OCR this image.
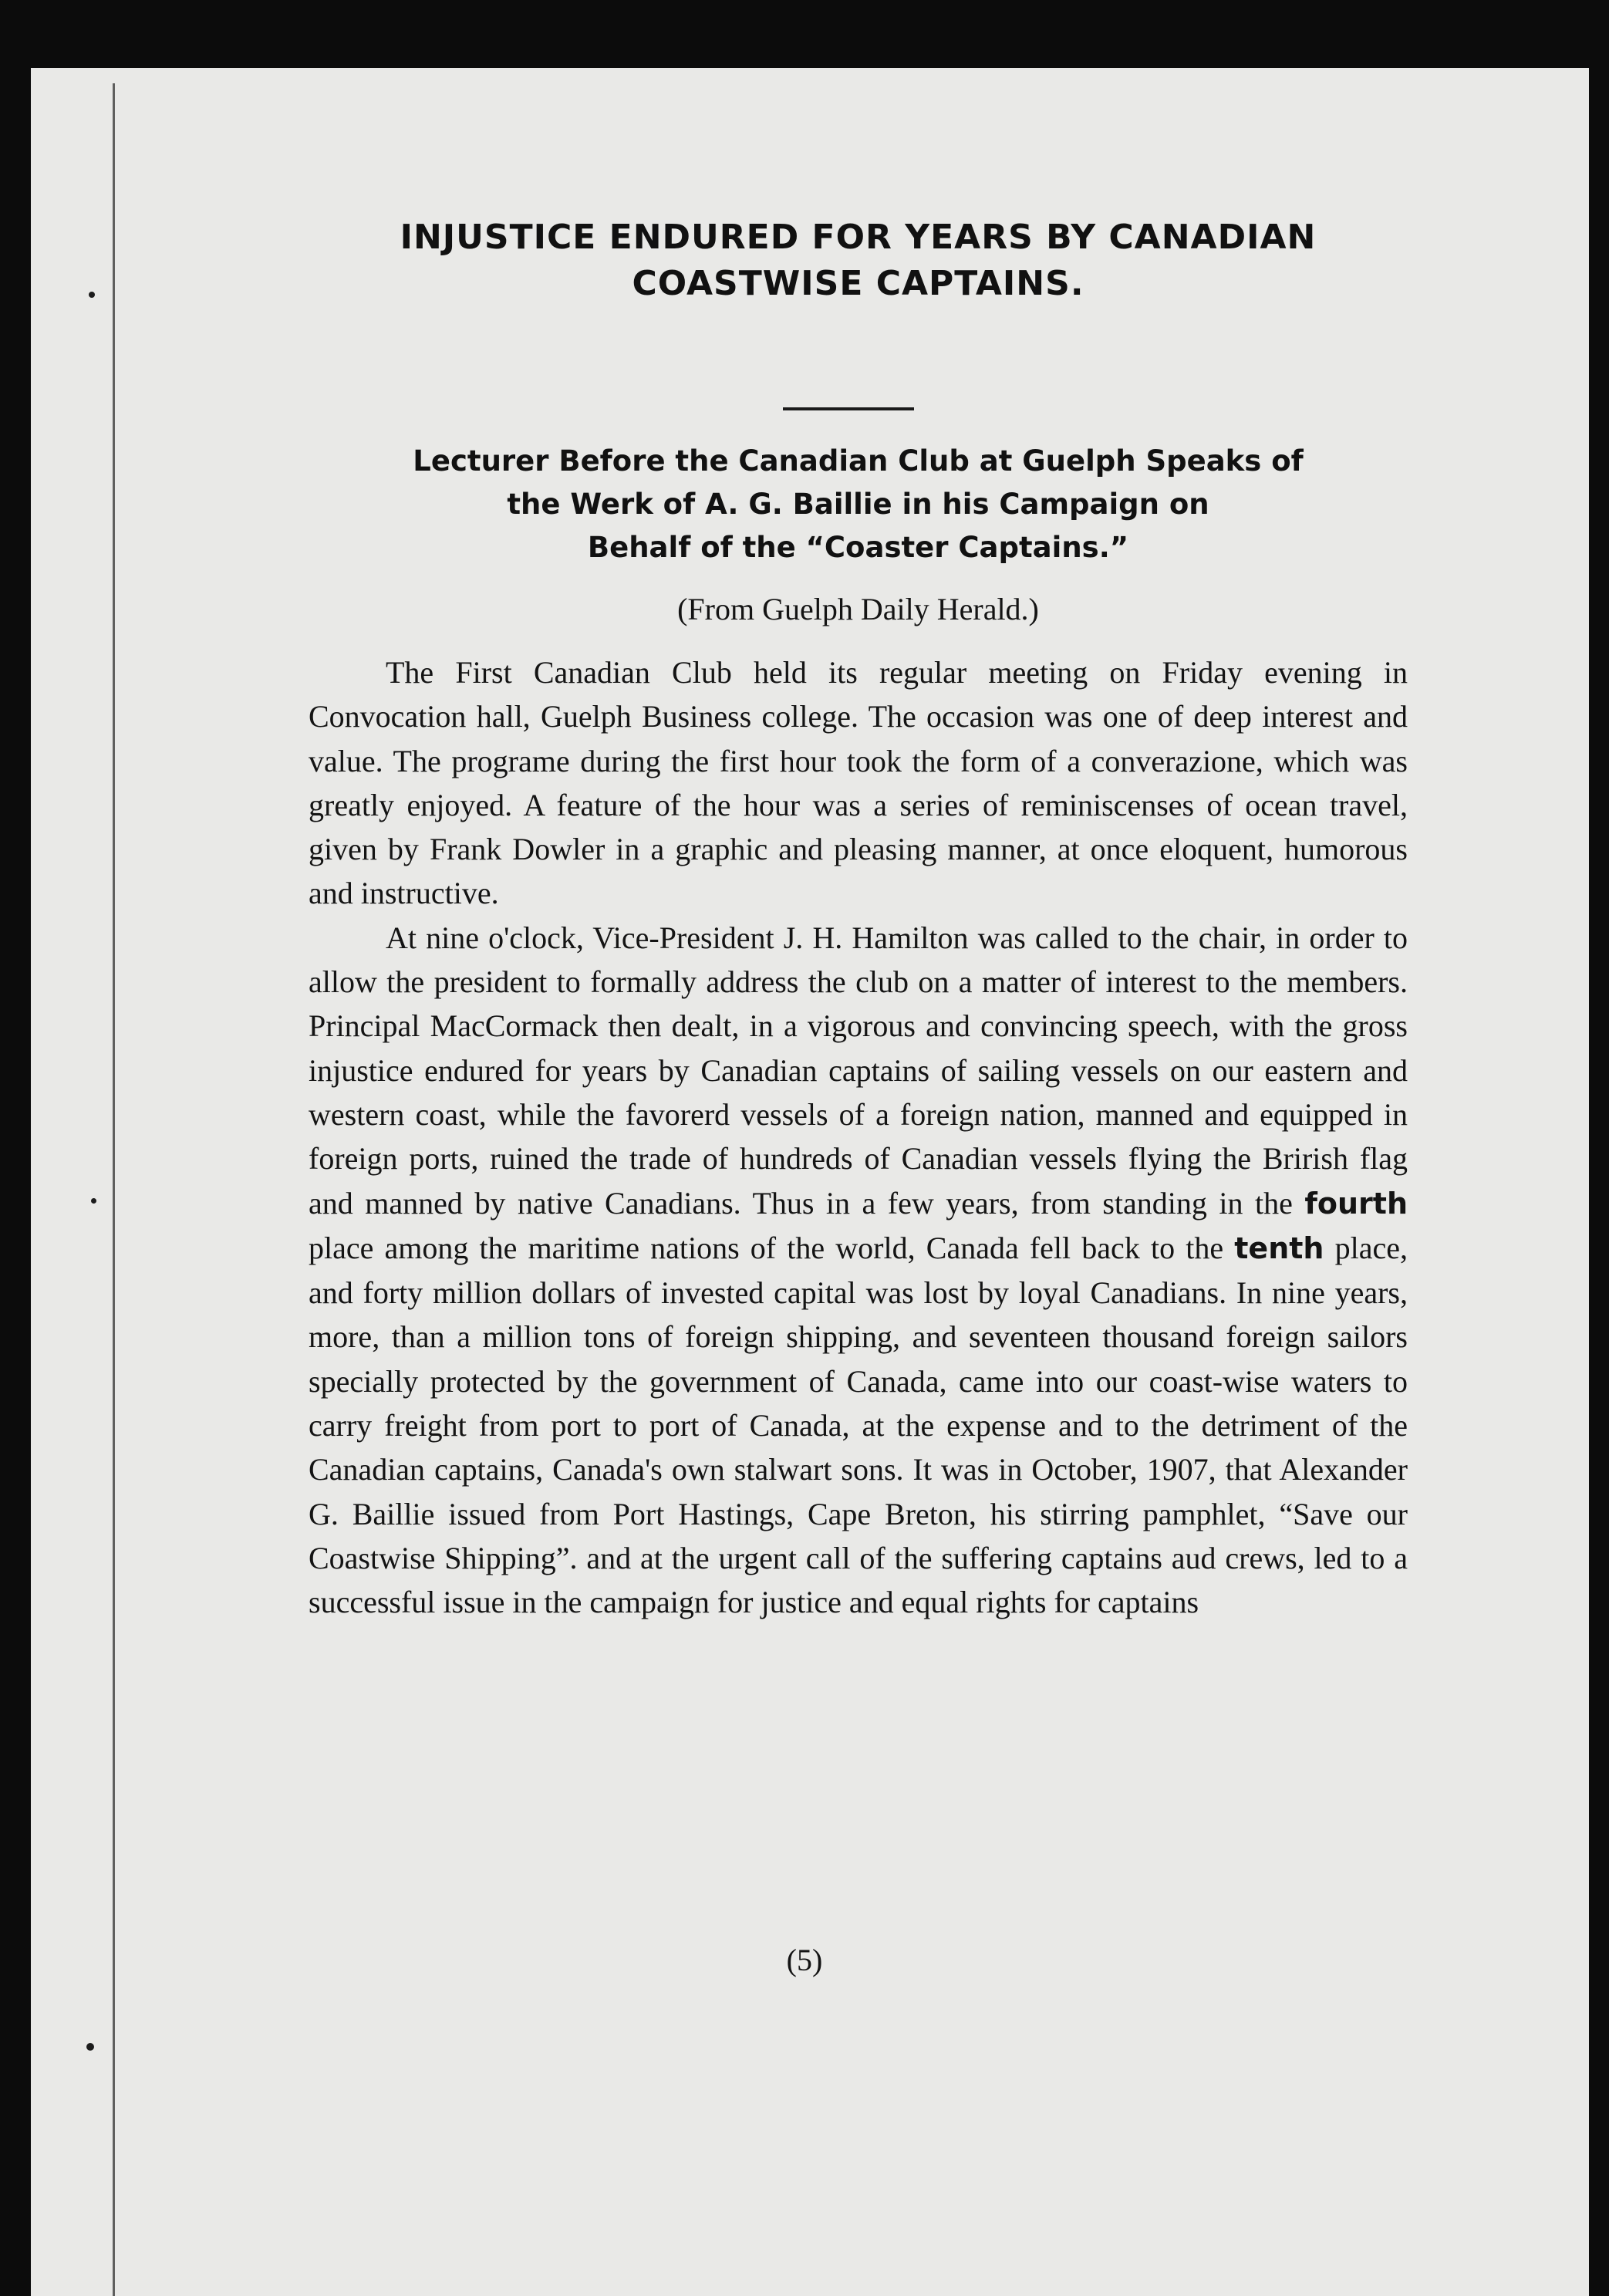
INJUSTICE ENDURED FOR YEARS BY CANADIAN
COASTWISE CAPTAINS.
Lecturer Before the Canadian Club at Guelph Speaks of
the Werk of A. G. Baillie in his Campaign on
Behalf of the “Coaster Captains.”
(From Guelph Daily Herald.)

The First Canadian Club held its regular meeting on Friday evening in Convocation hall, Guelph Business college. The occasion was one of deep interest and value. The programe during the first hour took the form of a converazione, which was greatly enjoyed. A feature of the hour was a series of reminiscenses of ocean travel, given by Frank Dowler in a graphic and pleasing manner, at once eloquent, humorous and instructive.

At nine o'clock, Vice-President J. H. Hamilton was called to the chair, in order to allow the president to formally address the club on a matter of interest to the members. Principal MacCormack then dealt, in a vigorous and convincing speech, with the gross injustice endured for years by Canadian captains of sailing vessels on our eastern and western coast, while the favorerd vessels of a foreign nation, manned and equipped in foreign ports, ruined the trade of hundreds of Canadian vessels flying the Brirish flag and manned by native Canadians. Thus in a few years, from standing in the fourth place among the maritime nations of the world, Canada fell back to the tenth place, and forty million dollars of invested capital was lost by loyal Canadians. In nine years, more, than a million tons of foreign shipping, and seventeen thousand foreign sailors specially protected by the government of Canada, came into our coast-wise waters to carry freight from port to port of Canada, at the expense and to the detriment of the Canadian captains, Canada's own stalwart sons. It was in October, 1907, that Alexander G. Baillie issued from Port Hastings, Cape Breton, his stirring pamphlet, “Save our Coastwise Shipping”. and at the urgent call of the suffering captains aud crews, led to a successful issue in the campaign for justice and equal rights for captains

(5)
